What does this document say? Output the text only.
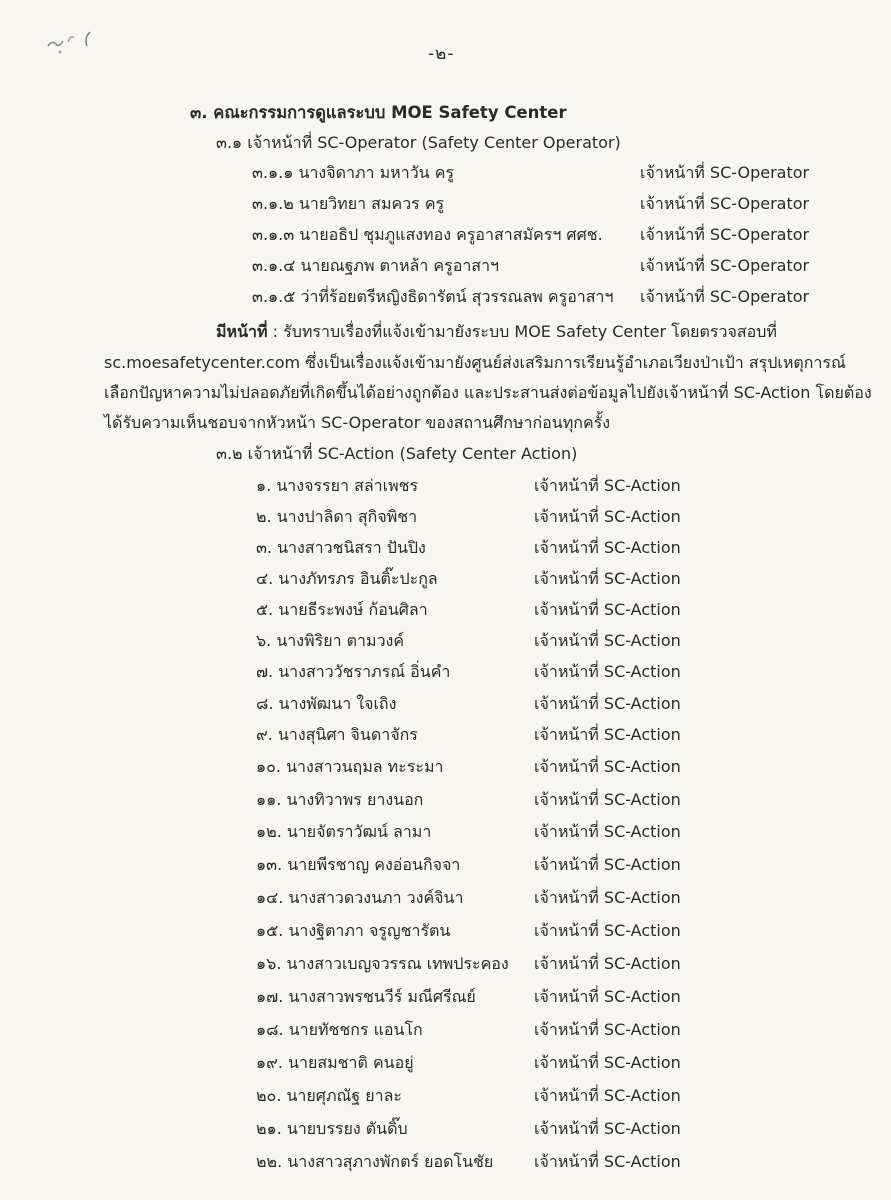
-๒-
๓. คณะกรรมการดูแลระบบ MOE Safety Center
๓.๑ เจ้าหน้าที่ SC-Operator (Safety Center Operator)
๓.๑.๑ นางจิดาภา มหาวัน ครู	เจ้าหน้าที่ SC-Operator
๓.๑.๒ นายวิทยา สมควร ครู	เจ้าหน้าที่ SC-Operator
๓.๑.๓ นายอธิป ชุมภูแสงทอง ครูอาสาสมัครฯ ศศช. เจ้าหน้าที่ SC-Operator
๓.๑.๔ นายณฐภพ ตาหล้า ครูอาสาฯ	เจ้าหน้าที่ SC-Operator
๓.๑.๕ ว่าที่ร้อยตรีหญิงธิดารัตน์ สุวรรณลพ ครูอาสาฯ เจ้าหน้าที่ SC-Operator
มีหน้าที่ : รับทราบเรื่องที่แจ้งเข้ามายังระบบ MOE Safety Center โดยตรวจสอบที่
sc.moesafetycenter.com ซึ่งเป็นเรื่องแจ้งเข้ามายังศูนย์ส่งเสริมการเรียนรู้อำเภอเวียงป่าเป้า สรุปเหตุการณ์
เลือกปัญหาความไม่ปลอดภัยที่เกิดขึ้นได้อย่างถูกต้อง และประสานส่งต่อข้อมูลไปยังเจ้าหน้าที่ SC-Action โดยต้อง
ได้รับความเห็นชอบจากหัวหน้า SC-Operator ของสถานศึกษาก่อนทุกครั้ง
๓.๒ เจ้าหน้าที่ SC-Action (Safety Center Action)
๑. นางจรรยา สล่าเพชร	เจ้าหน้าที่ SC-Action
๒. นางปาลิดา สุกิจพิชา	เจ้าหน้าที่ SC-Action
๓. นางสาวชนิสรา ปันปิง	เจ้าหน้าที่ SC-Action
๔. นางภัทรภร อินติ๊ะปะกูล	เจ้าหน้าที่ SC-Action
๕. นายธีระพงษ์ ก้อนศิลา	เจ้าหน้าที่ SC-Action
๖. นางพิริยา ตามวงค์	เจ้าหน้าที่ SC-Action
๗. นางสาววัชราภรณ์ อิ่นคำ	เจ้าหน้าที่ SC-Action
๘. นางพัฒนา ใจเถิง	เจ้าหน้าที่ SC-Action
๙. นางสุนิศา จินดาจักร	เจ้าหน้าที่ SC-Action
๑๐. นางสาวนฤมล ทะระมา	เจ้าหน้าที่ SC-Action
๑๑. นางทิวาพร ยางนอก	เจ้าหน้าที่ SC-Action
๑๒. นายจัตราวัฒน์ ลามา	เจ้าหน้าที่ SC-Action
๑๓. นายพีรชาญ คงอ่อนกิจจา	เจ้าหน้าที่ SC-Action
๑๔. นางสาวดวงนภา วงค์จินา	เจ้าหน้าที่ SC-Action
๑๕. นางฐิตาภา จรูญชารัตน	เจ้าหน้าที่ SC-Action
๑๖. นางสาวเบญจวรรณ เทพประคอง เจ้าหน้าที่ SC-Action
๑๗. นางสาวพรชนวีร์ มณีศรีณย์	เจ้าหน้าที่ SC-Action
๑๘. นายทัชชกร แอนโก	เจ้าหน้าที่ SC-Action
๑๙. นายสมชาติ คนอยู่	เจ้าหน้าที่ SC-Action
๒๐. นายศุภณัฐ ยาละ	เจ้าหน้าที่ SC-Action
๒๑. นายบรรยง ตันดิ๊บ	เจ้าหน้าที่ SC-Action
๒๒. นางสาวสุภางพักตร์ ยอดโนชัย	เจ้าหน้าที่ SC-Action
